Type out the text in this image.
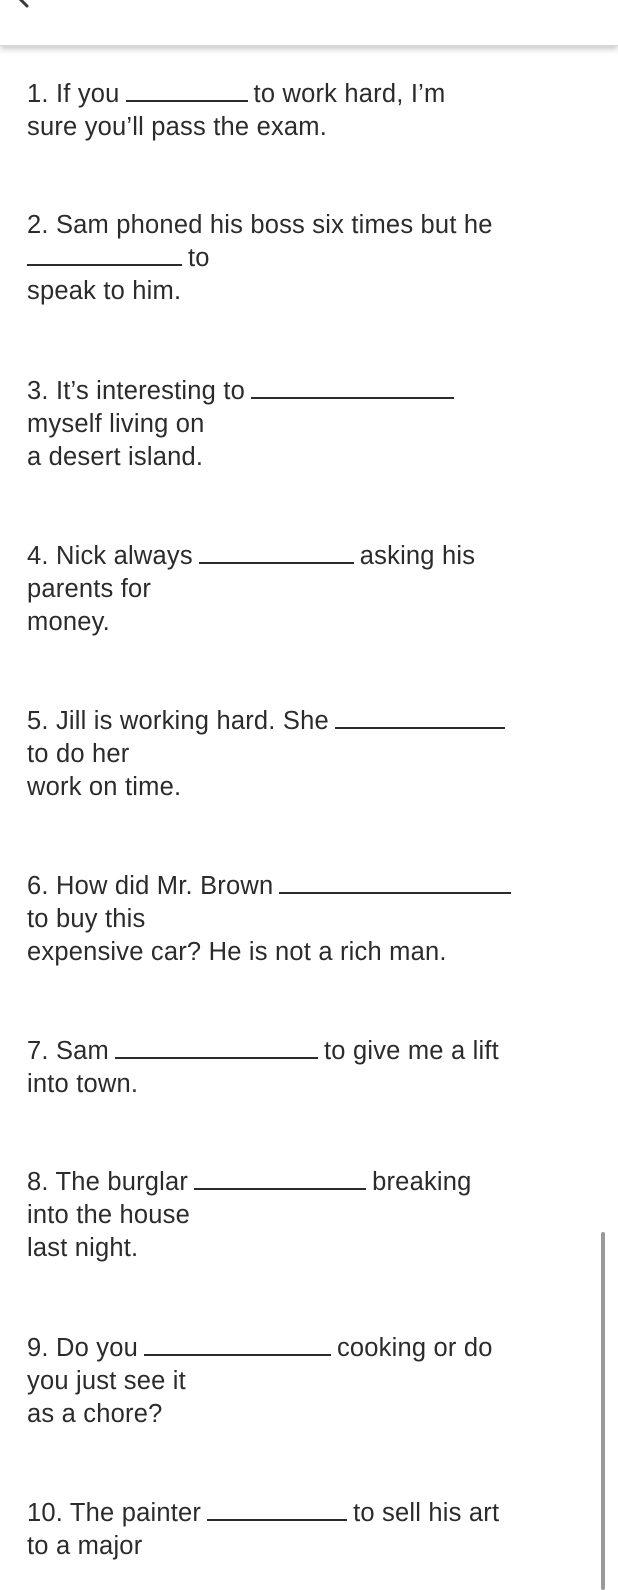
1. If you	to work hard, I’m
sure you’ll pass the exam.

2. Sam phoned his boss six times but he
to
speak to him.

3. It’s interesting to
myself living on
a desert island.

4. Nick always	asking his
parents for
money.

5. Jill is working hard. She
to do her
work on time.

6. How did Mr. Brown
to buy this
expensive car? He is not a rich man.

7. Sam	to give me a lift
into town.

8. The burglar	breaking
into the house
last night.

9. Do you	cooking or do
you just see it
as a chore?

10. The painter	to sell his art
to a major
